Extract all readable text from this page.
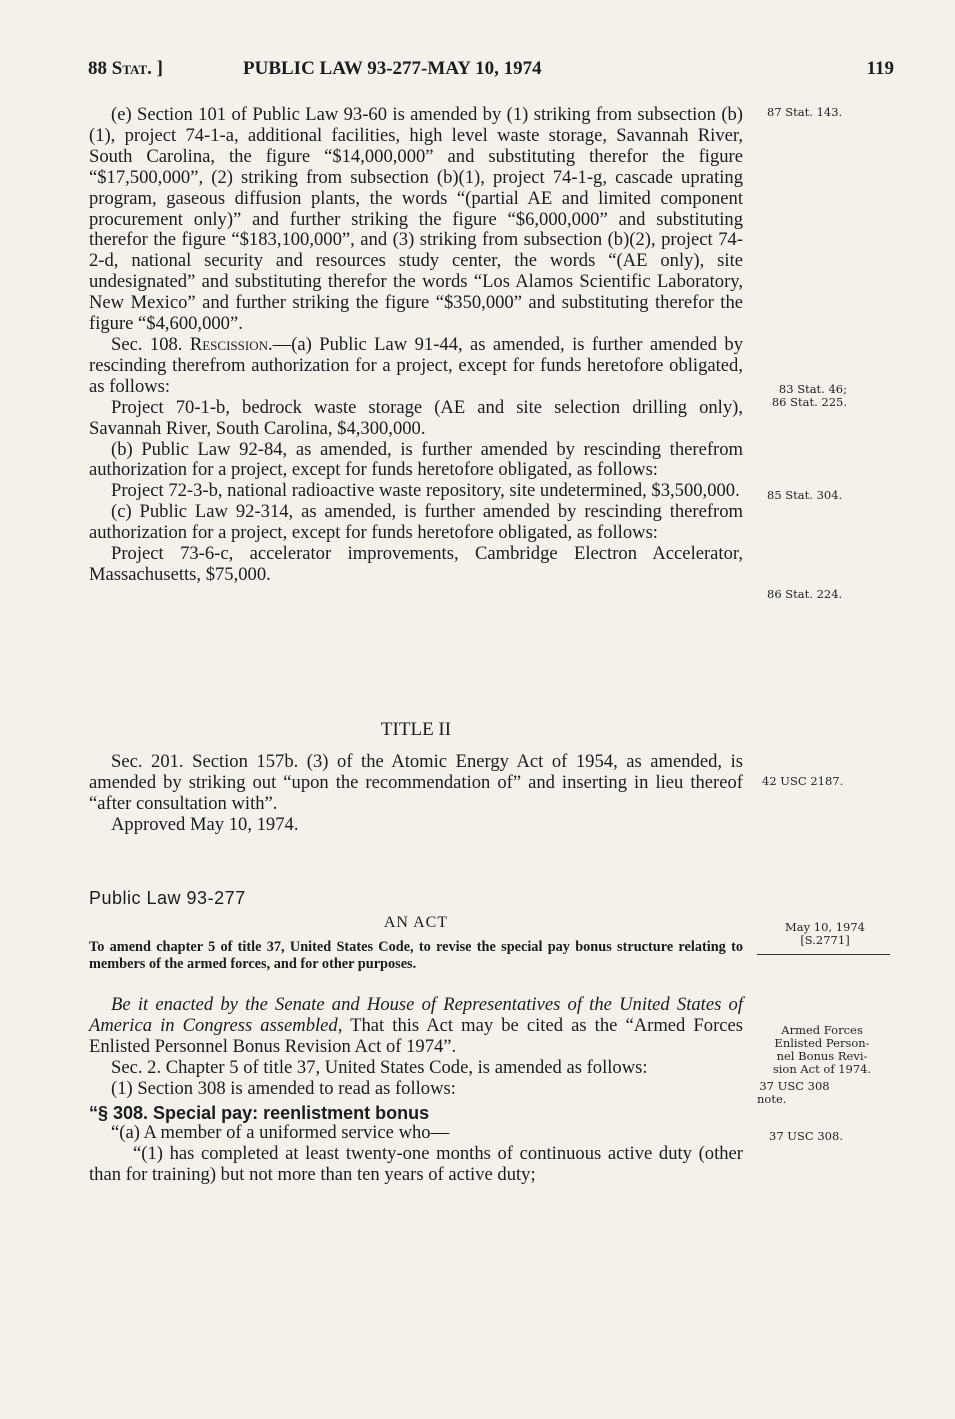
88 Stat. ]	PUBLIC LAW 93-277-MAY 10, 1974	119

(e) Section 101 of Public Law 93-60 is amended by (1) striking from subsection (b)(1), project 74-1-a, additional facilities, high level waste storage, Savannah River, South Carolina, the figure “$14,000,000” and substituting therefor the figure “$17,500,000”, (2) striking from subsection (b)(1), project 74-1-g, cascade uprating program, gaseous diffusion plants, the words “(partial AE and limited component procurement only)” and further striking the figure “$6,000,000” and substituting therefor the figure “$183,100,000”, and (3) striking from subsection (b)(2), project 74-2-d, national security and resources study center, the words “(AE only), site undesignated” and substituting therefor the words “Los Alamos Scientific Laboratory, New Mexico” and further striking the figure “$350,000” and substituting therefor the figure “$4,600,000”.

Sec. 108. Rescission.—(a) Public Law 91-44, as amended, is further amended by rescinding therefrom authorization for a project, except for funds heretofore obligated, as follows:

Project 70-1-b, bedrock waste storage (AE and site selection drilling only), Savannah River, South Carolina, $4,300,000.

(b) Public Law 92-84, as amended, is further amended by rescinding therefrom authorization for a project, except for funds heretofore obligated, as follows:

Project 72-3-b, national radioactive waste repository, site undetermined, $3,500,000.

(c) Public Law 92-314, as amended, is further amended by rescinding therefrom authorization for a project, except for funds heretofore obligated, as follows:

Project 73-6-c, accelerator improvements, Cambridge Electron Accelerator, Massachusetts, $75,000.

TITLE II

Sec. 201. Section 157b. (3) of the Atomic Energy Act of 1954, as amended, is amended by striking out “upon the recommendation of” and inserting in lieu thereof “after consultation with”.

Approved May 10, 1974.

Public Law 93-277
AN ACT
To amend chapter 5 of title 37, United States Code, to revise the special pay bonus structure relating to members of the armed forces, and for other purposes.

Be it enacted by the Senate and House of Representatives of the United States of America in Congress assembled, That this Act may be cited as the “Armed Forces Enlisted Personnel Bonus Revision Act of 1974”.

Sec. 2. Chapter 5 of title 37, United States Code, is amended as follows:

(1) Section 308 is amended to read as follows:

“§ 308. Special pay: reenlistment bonus

“(a) A member of a uniformed service who—

“(1) has completed at least twenty-one months of continuous active duty (other than for training) but not more than ten years of active duty;

87 Stat. 143.
83 Stat. 46;
86 Stat. 225.
85 Stat. 304.
86 Stat. 224.
42 USC 2187.
May 10, 1974
[S.2771]
Armed Forces
Enlisted Person-
nel Bonus Revi-
sion Act of 1974.
37 USC 308
note.
37 USC 308.
